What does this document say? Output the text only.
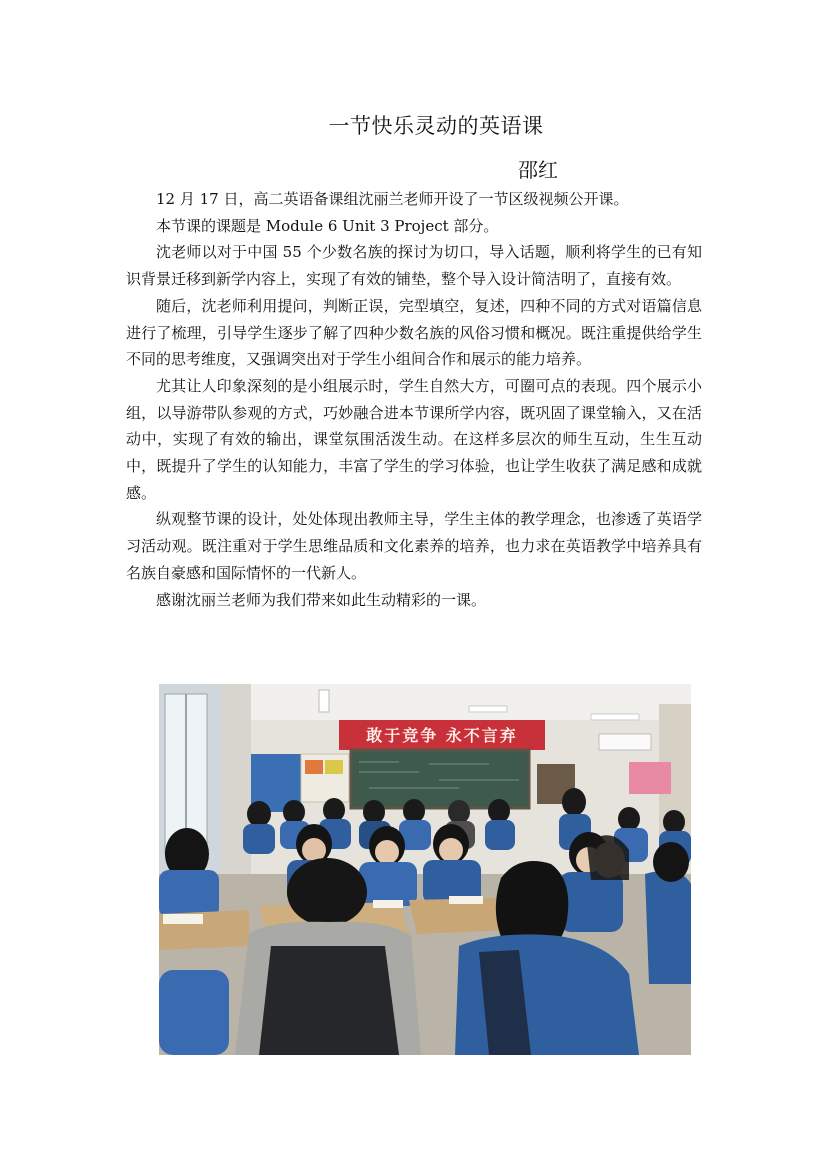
一节快乐灵动的英语课
邵红

12 月 17 日，高二英语备课组沈丽兰老师开设了一节区级视频公开课。

本节课的课题是 Module 6 Unit 3 Project 部分。

沈老师以对于中国 55 个少数名族的探讨为切口，导入话题，顺利将学生的已有知识背景迁移到新学内容上，实现了有效的铺垫，整个导入设计简洁明了，直接有效。

随后，沈老师利用提问，判断正误，完型填空，复述，四种不同的方式对语篇信息进行了梳理，引导学生逐步了解了四种少数名族的风俗习惯和概况。既注重提供给学生不同的思考维度，又强调突出对于学生小组间合作和展示的能力培养。

尤其让人印象深刻的是小组展示时，学生自然大方，可圈可点的表现。四个展示小组，以导游带队参观的方式，巧妙融合进本节课所学内容，既巩固了课堂输入，又在活动中，实现了有效的输出，课堂氛围活泼生动。在这样多层次的师生互动，生生互动中，既提升了学生的认知能力，丰富了学生的学习体验，也让学生收获了满足感和成就感。

纵观整节课的设计，处处体现出教师主导，学生主体的教学理念，也渗透了英语学习活动观。既注重对于学生思维品质和文化素养的培养，也力求在英语教学中培养具有名族自豪感和国际情怀的一代新人。

感谢沈丽兰老师为我们带来如此生动精彩的一课。

敢于竞争 永不言弃
